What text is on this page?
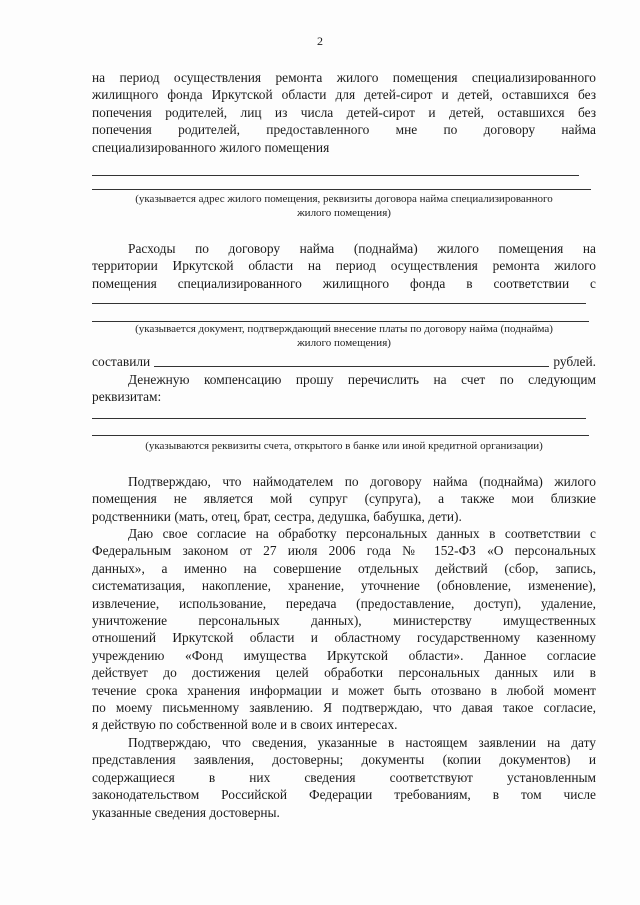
2
на период осуществления ремонта жилого помещения специализированного
жилищного фонда Иркутской области для детей-сирот и детей, оставшихся без
попечения родителей, лиц из числа детей-сирот и детей, оставшихся без
попечения родителей, предоставленного мне по договору найма
специализированного жилого помещения
(указывается адрес жилого помещения, реквизиты договора найма специализированного
жилого помещения)
Расходы по договору найма (поднайма) жилого помещения на
территории Иркутской области на период осуществления ремонта жилого
помещения специализированного жилищного фонда в соответствии с
(указывается документ, подтверждающий внесение платы по договору найма (поднайма)
жилого помещения)
составили	рублей.
Денежную компенсацию прошу перечислить на счет по следующим
реквизитам:
(указываются реквизиты счета, открытого в банке или иной кредитной организации)
Подтверждаю, что наймодателем по договору найма (поднайма) жилого
помещения не является мой супруг (супруга), а также мои близкие
родственники (мать, отец, брат, сестра, дедушка, бабушка, дети).
Даю свое согласие на обработку персональных данных в соответствии с
Федеральным законом от 27 июля 2006 года № 152-ФЗ «О персональных
данных», а именно на совершение отдельных действий (сбор, запись,
систематизация, накопление, хранение, уточнение (обновление, изменение),
извлечение, использование, передача (предоставление, доступ), удаление,
уничтожение персональных данных), министерству имущественных
отношений Иркутской области и областному государственному казенному
учреждению «Фонд имущества Иркутской области». Данное согласие
действует до достижения целей обработки персональных данных или в
течение срока хранения информации и может быть отозвано в любой момент
по моему письменному заявлению. Я подтверждаю, что давая такое согласие,
я действую по собственной воле и в своих интересах.
Подтверждаю, что сведения, указанные в настоящем заявлении на дату
представления заявления, достоверны; документы (копии документов) и
содержащиеся в них сведения соответствуют установленным
законодательством Российской Федерации требованиям, в том числе
указанные сведения достоверны.
